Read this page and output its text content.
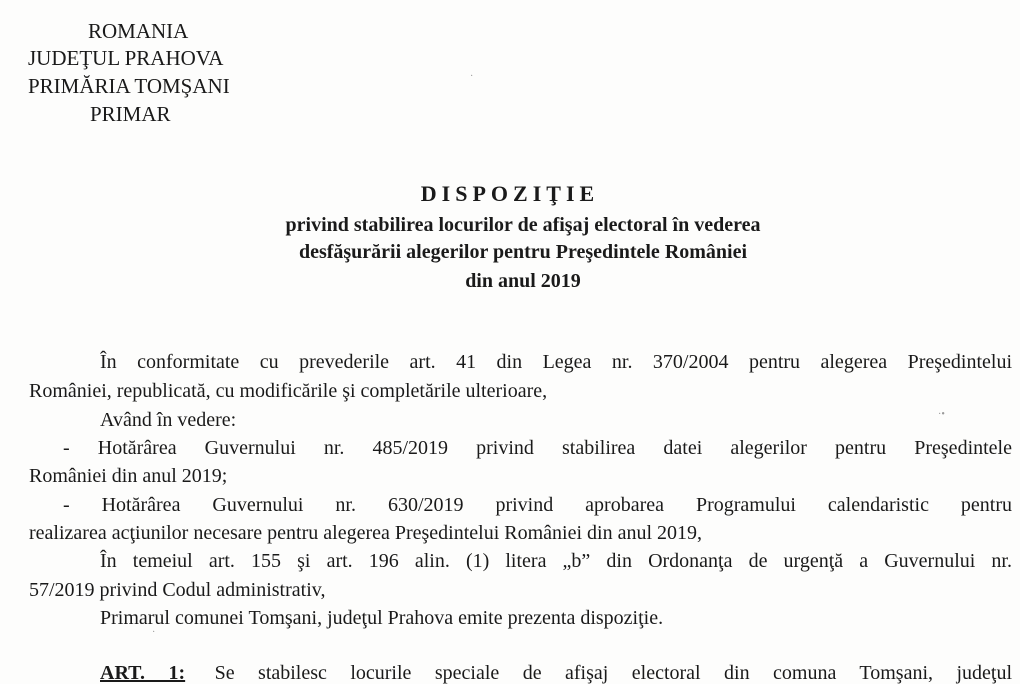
ROMANIA
JUDEŢUL PRAHOVA
PRIMĂRIA TOMŞANI
PRIMAR
·
DISPOZIŢIE
privind stabilirea locurilor de afişaj electoral în vederea
desfăşurării alegerilor pentru Preşedintele României
din anul 2019
În conformitate cu prevederile art. 41 din Legea nr. 370/2004 pentru alegerea Preşedintelui
României, republicată, cu modificările şi completările ulterioare,
Având în vedere:	·•
- Hotărârea Guvernului nr. 485/2019 privind stabilirea datei alegerilor pentru Preşedintele
României din anul 2019;
- Hotărârea Guvernului nr. 630/2019 privind aprobarea Programului calendaristic pentru
realizarea acţiunilor necesare pentru alegerea Preşedintelui României din anul 2019,
În temeiul art. 155 şi art. 196 alin. (1) litera „b” din Ordonanţa de urgenţă a Guvernului nr.
57/2019 privind Codul administrativ,
Primarul comunei Tomşani, judeţul Prahova emite prezenta dispoziţie.
·
ART. 1: Se stabilesc locurile speciale de afişaj electoral din comuna Tomşani, judeţul
